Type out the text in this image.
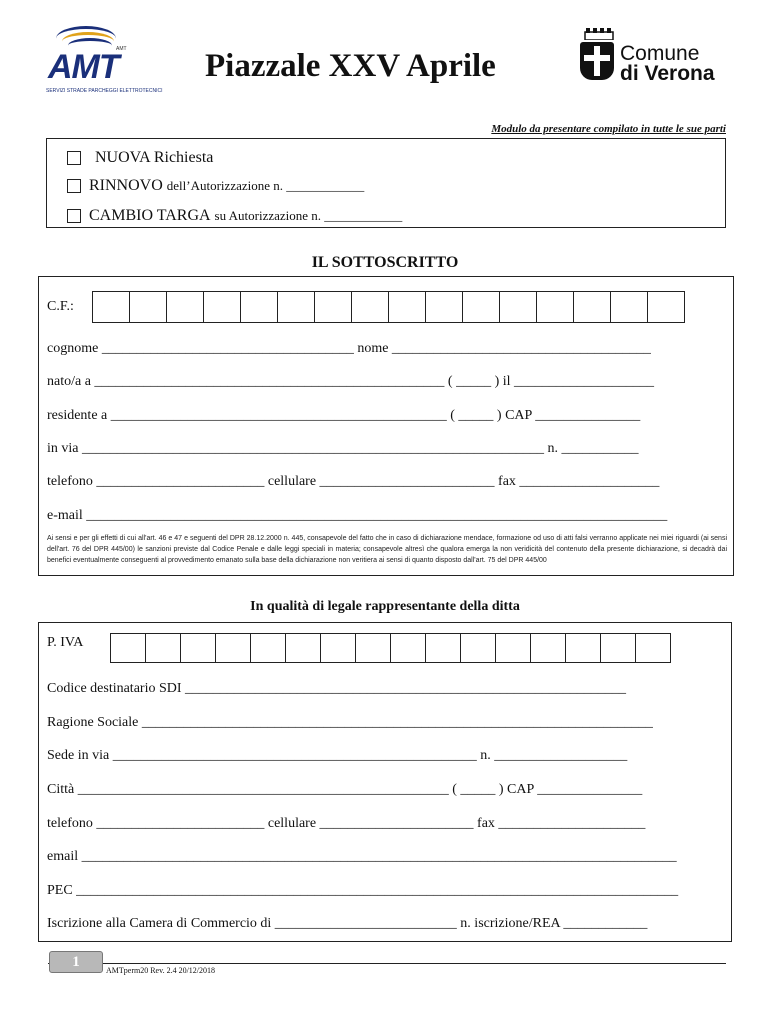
AMT
AMT
SERVIZI STRADE PARCHEGGI ELETTROTECNICI
Piazzale XXV Aprile	Comune
di Verona
Modulo da presentare compilato in tutte le sue parti
NUOVA Richiesta
RINNOVO
dell’Autorizzazione n. ____________
CAMBIO TARGA
su Autorizzazione n. ____________
IL SOTTOSCRITTO
C.F.:
cognome ____________________________________ nome _____________________________________
nato/a a __________________________________________________ ( _____ ) il ____________________
residente a ________________________________________________ ( _____ ) CAP _______________
in via __________________________________________________________________ n. ___________
telefono ________________________ cellulare _________________________ fax ____________________
e-mail ___________________________________________________________________________________
Ai sensi e per gli effetti di cui all'art. 46 e 47 e seguenti del DPR 28.12.2000 n. 445, consapevole del fatto che in caso di dichiarazione mendace, formazione od uso di atti falsi verranno applicate nei miei riguardi (ai sensi dell'art. 76 del DPR 445/00) le sanzioni previste dal Codice Penale e dalle leggi speciali in materia; consapevole altresì che qualora emerga la non veridicità del contenuto della presente dichiarazione, si decadrà dai benefici eventualmente conseguenti al provvedimento emanato sulla base della dichiarazione non veritiera ai sensi di quanto disposto dall'art. 75 del DPR 445/00
In qualità di legale rappresentante della ditta
P. IVA
Codice destinatario SDI _______________________________________________________________
Ragione Sociale _________________________________________________________________________
Sede in via ____________________________________________________ n. ___________________
Città _____________________________________________________ ( _____ ) CAP _______________
telefono ________________________ cellulare ______________________ fax _____________________
email _____________________________________________________________________________________
PEC ______________________________________________________________________________________
Iscrizione alla Camera di Commercio di __________________________ n. iscrizione/REA ____________
1
AMTperm20 Rev. 2.4 20/12/2018
